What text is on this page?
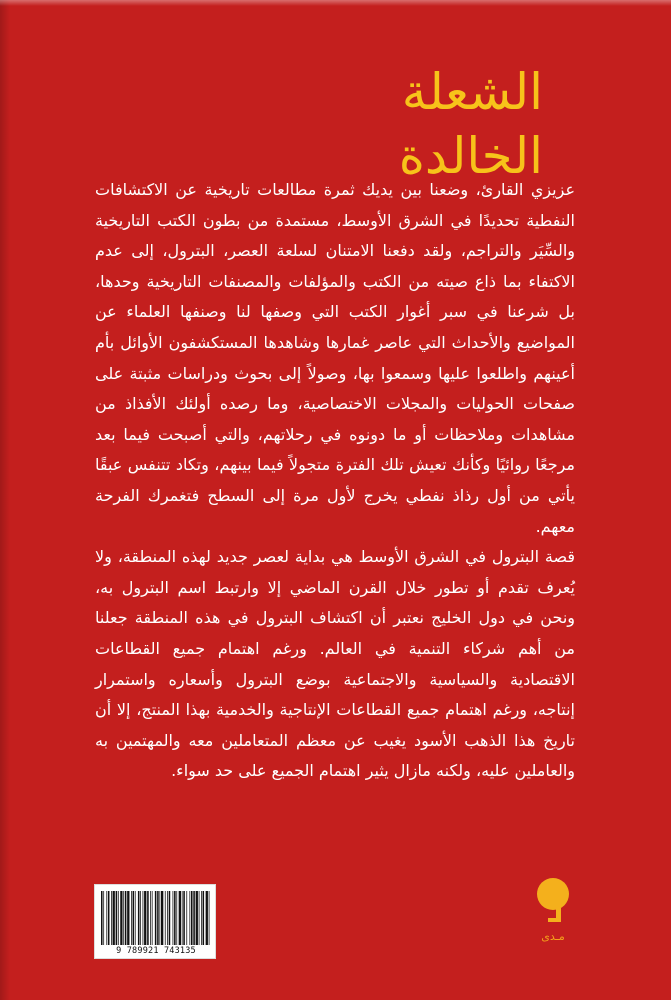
الشعلة
الخالدة

عزيزي القارئ، وضعنا بين يديك ثمرة مطالعات تاريخية عن الاكتشافات النفطية تحديدًا في الشرق الأوسط، مستمدة من بطون الكتب التاريخية والسِّيَر والتراجم، ولقد دفعنا الامتنان لسلعة العصر، البترول، إلى عدم الاكتفاء بما ذاع صيته من الكتب والمؤلفات والمصنفات التاريخية وحدها، بل شرعنا في سبر أغوار الكتب التي وصفها لنا وصنفها العلماء عن المواضيع والأحداث التي عاصر غمارها وشاهدها المستكشفون الأوائل بأم أعينهم واطلعوا عليها وسمعوا بها، وصولاً إلى بحوث ودراسات مثبتة على صفحات الحوليات والمجلات الاختصاصية، وما رصده أولئك الأفذاذ من مشاهدات وملاحظات أو ما دونوه في رحلاتهم، والتي أصبحت فيما بعد مرجعًا روائيًا وكأنك تعيش تلك الفترة متجولاً فيما بينهم، وتكاد تتنفس عبقًا يأتي من أول رذاذ نفطي يخرج لأول مرة إلى السطح فتغمرك الفرحة معهم.

قصة البترول في الشرق الأوسط هي بداية لعصر جديد لهذه المنطقة، ولا يُعرف تقدم أو تطور خلال القرن الماضي إلا وارتبط اسم البترول به، ونحن في دول الخليج نعتبر أن اكتشاف البترول في هذه المنطقة جعلنا من أهم شركاء التنمية في العالم. ورغم اهتمام جميع القطاعات الاقتصادية والسياسية والاجتماعية بوضع البترول وأسعاره واستمرار إنتاجه، ورغم اهتمام جميع القطاعات الإنتاجية والخدمية بهذا المنتج، إلا أن تاريخ هذا الذهب الأسود يغيب عن معظم المتعاملين معه والمهتمين به والعاملين عليه، ولكنه مازال يثير اهتمام الجميع على حد سواء.

9 789921 743135
مـدى
